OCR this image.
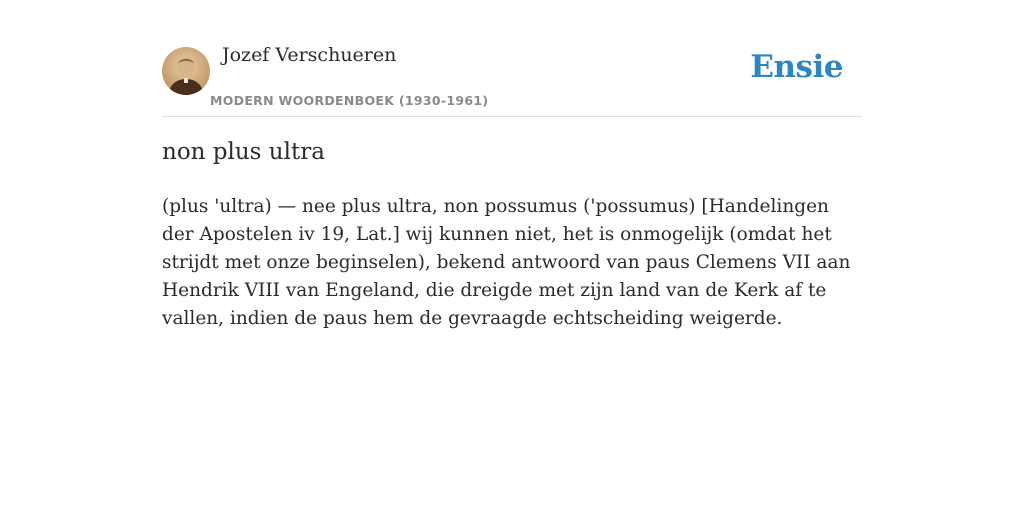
Jozef Verschueren
MODERN WOORDENBOEK (1930-1961)
Ensie
non plus ultra

(plus 'ultra) — nee plus ultra, non possumus ('possumus) [Handelingen der Apostelen iv 19, Lat.] wij kunnen niet, het is onmogelijk (omdat het strijdt met onze beginselen), bekend antwoord van paus Clemens VII aan Hendrik VIII van Engeland, die dreigde met zijn land van de Kerk af te vallen, indien de paus hem de gevraagde echtscheiding weigerde.
